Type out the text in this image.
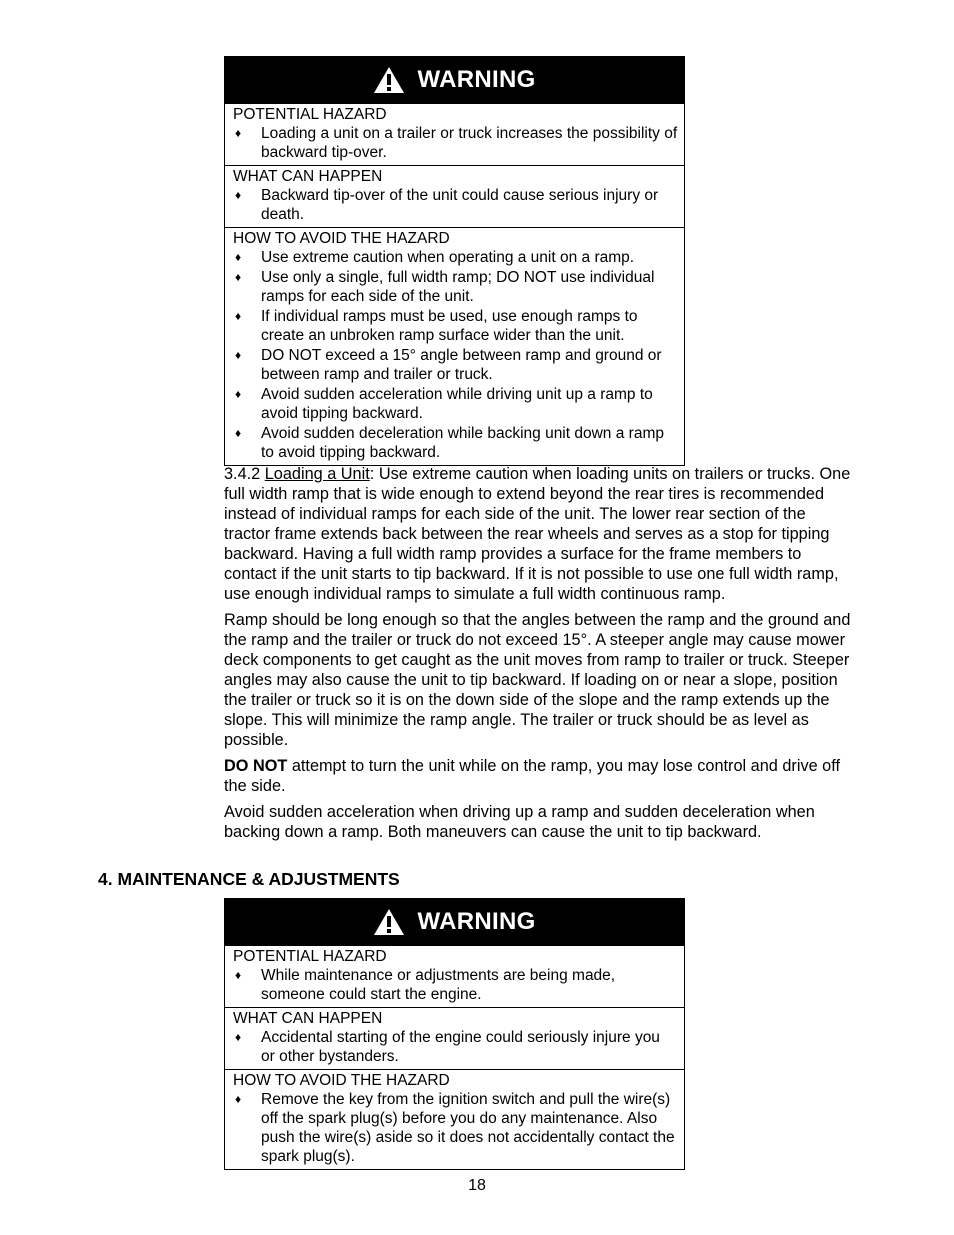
WARNING
POTENTIAL HAZARD
♦ Loading a unit on a trailer or truck increases the possibility of backward tip-over.
WHAT CAN HAPPEN
♦ Backward tip-over of the unit could cause serious injury or death.
HOW TO AVOID THE HAZARD
♦ Use extreme caution when operating a unit on a ramp.
♦ Use only a single, full width ramp; DO NOT use individual ramps for each side of the unit.
♦ If individual ramps must be used, use enough ramps to create an unbroken ramp surface wider than the unit.
♦ DO NOT exceed a 15° angle between ramp and ground or between ramp and trailer or truck.
♦ Avoid sudden acceleration while driving unit up a ramp to avoid tipping backward.
♦ Avoid sudden deceleration while backing unit down a ramp to avoid tipping backward.

3.4.2 Loading a Unit: Use extreme caution when loading units on trailers or trucks. One full width ramp that is wide enough to extend beyond the rear tires is recommended instead of individual ramps for each side of the unit. The lower rear section of the tractor frame extends back between the rear wheels and serves as a stop for tipping backward. Having a full width ramp provides a surface for the frame members to contact if the unit starts to tip backward. If it is not possible to use one full width ramp, use enough individual ramps to simulate a full width continuous ramp.

Ramp should be long enough so that the angles between the ramp and the ground and the ramp and the trailer or truck do not exceed 15°. A steeper angle may cause mower deck components to get caught as the unit moves from ramp to trailer or truck. Steeper angles may also cause the unit to tip backward. If loading on or near a slope, position the trailer or truck so it is on the down side of the slope and the ramp extends up the slope. This will minimize the ramp angle. The trailer or truck should be as level as possible.

DO NOT attempt to turn the unit while on the ramp, you may lose control and drive off the side.

Avoid sudden acceleration when driving up a ramp and sudden deceleration when backing down a ramp. Both maneuvers can cause the unit to tip backward.

4. MAINTENANCE & ADJUSTMENTS
WARNING
POTENTIAL HAZARD
♦ While maintenance or adjustments are being made, someone could start the engine.
WHAT CAN HAPPEN
♦ Accidental starting of the engine could seriously injure you or other bystanders.
HOW TO AVOID THE HAZARD
♦ Remove the key from the ignition switch and pull the wire(s) off the spark plug(s) before you do any maintenance. Also push the wire(s) aside so it does not accidentally contact the spark plug(s).
18
